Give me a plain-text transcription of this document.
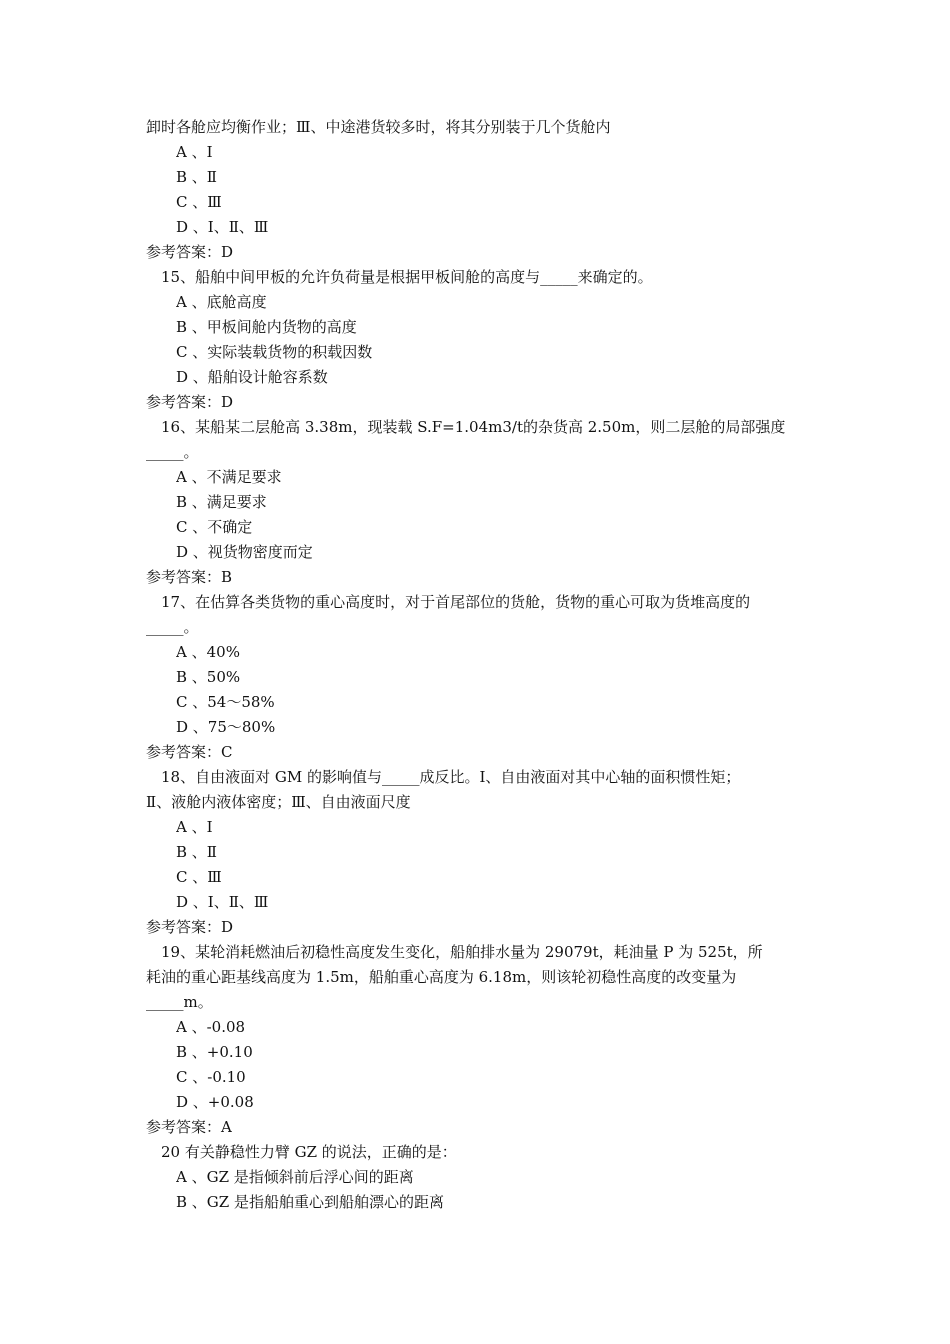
卸时各舱应均衡作业；Ⅲ、中途港货较多时，将其分别装于几个货舱内
A 、Ⅰ
B 、Ⅱ
C 、Ⅲ
D 、Ⅰ、Ⅱ、Ⅲ
参考答案：D
15、船舶中间甲板的允许负荷量是根据甲板间舱的高度与_____来确定的。
A 、底舱高度
B 、甲板间舱内货物的高度
C 、实际装载货物的积载因数
D 、船舶设计舱容系数
参考答案：D
16、某船某二层舱高 3.38m，现装载 S.F=1.04m3/t的杂货高 2.50m，则二层舱的局部强度
_____。
A 、不满足要求
B 、满足要求
C 、不确定
D 、视货物密度而定
参考答案：B
17、在估算各类货物的重心高度时，对于首尾部位的货舱，货物的重心可取为货堆高度的
_____。
A 、40%
B 、50%
C 、54～58%
D 、75～80%
参考答案：C
18、自由液面对 GM 的影响值与_____成反比。Ⅰ、自由液面对其中心轴的面积惯性矩；
Ⅱ、液舱内液体密度；Ⅲ、自由液面尺度
A 、Ⅰ
B 、Ⅱ
C 、Ⅲ
D 、Ⅰ、Ⅱ、Ⅲ
参考答案：D
19、某轮消耗燃油后初稳性高度发生变化，船舶排水量为 29079t，耗油量 P 为 525t，所
耗油的重心距基线高度为 1.5m，船舶重心高度为 6.18m，则该轮初稳性高度的改变量为
_____m。
A 、-0.08
B 、+0.10
C 、-0.10
D 、+0.08
参考答案：A
20 有关静稳性力臂 GZ 的说法，正确的是：
A 、GZ 是指倾斜前后浮心间的距离
B 、GZ 是指船舶重心到船舶漂心的距离
